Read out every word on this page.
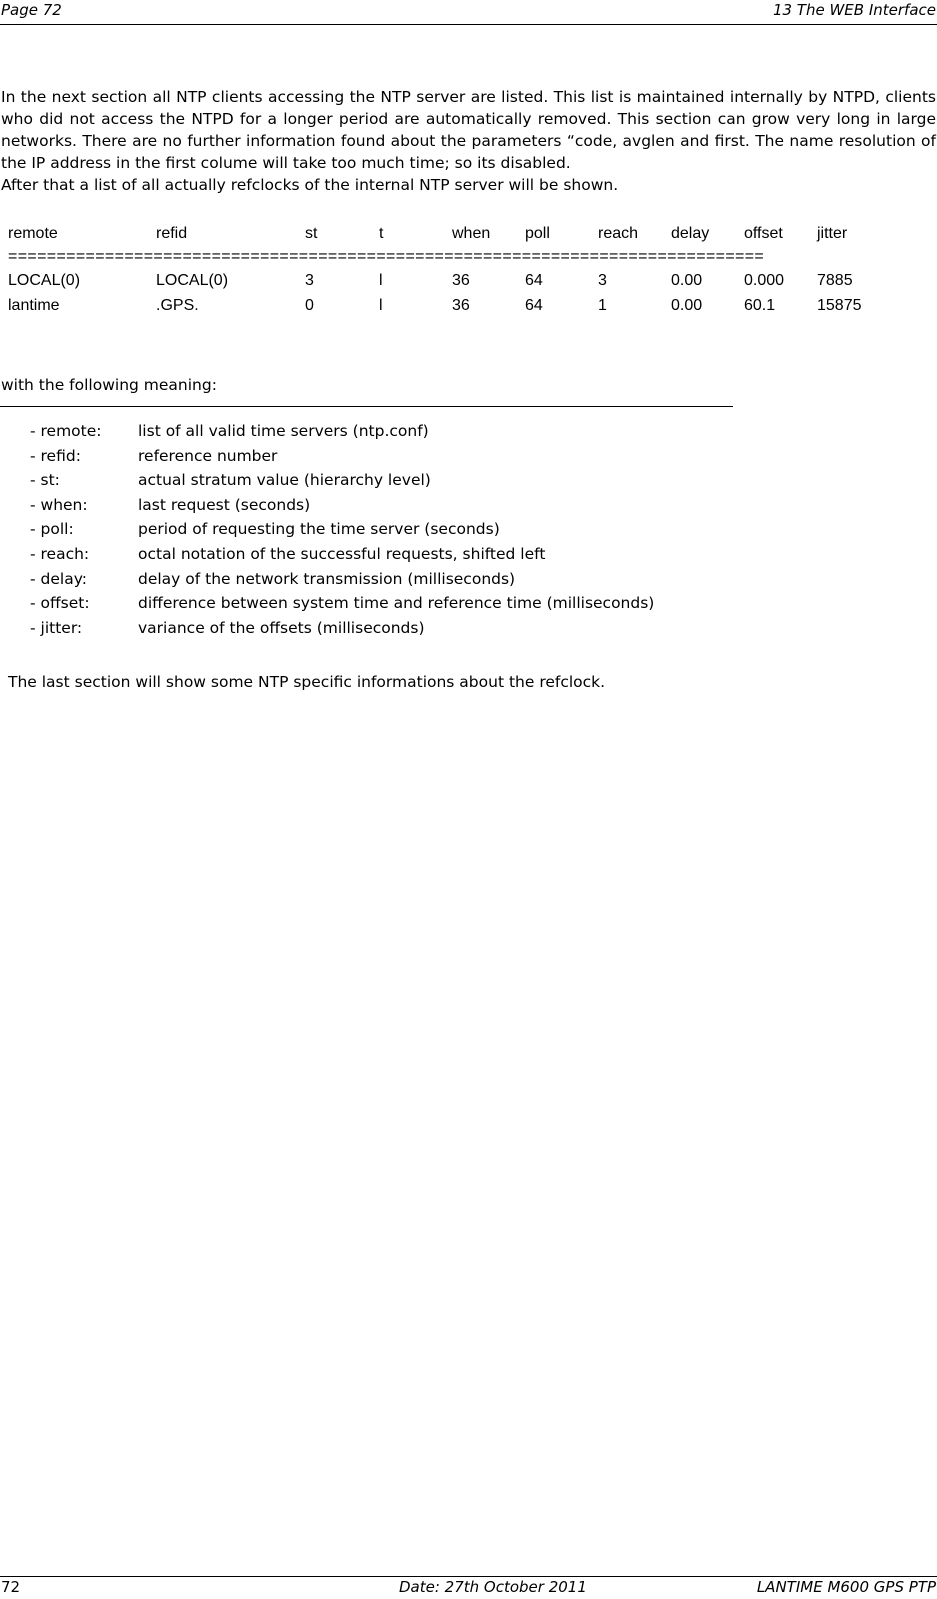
Page 72	13 The WEB Interface

In the next section all NTP clients accessing the NTP server are listed. This list is maintained internally by NTPD, clients who did not access the NTPD for a longer period are automatically removed. This section can grow very long in large networks. There are no further information found about the parameters “code, avglen and first. The name resolution of the IP address in the first colume will take too much time; so its disabled.

After that a list of all actually refclocks of the internal NTP server will be shown.

remote	refid	st	t	when poll	reach delay offset jitter
==============================================================================
LOCAL(0)	LOCAL(0)	3	l	36	64	3	0.00	0.000 7885
lantime	.GPS.	0	l	36	64	1	0.00	60.1	15875
with the following meaning:
- remote: list of all valid time servers (ntp.conf)
- refid:	reference number
- st:	actual stratum value (hierarchy level)
- when:	last request (seconds)
- poll:	period of requesting the time server (seconds)
- reach:	octal notation of the successful requests, shifted left
- delay:	delay of the network transmission (milliseconds)
- offset:	difference between system time and reference time (milliseconds)
- jitter:	variance of the offsets (milliseconds)
The last section will show some NTP specific informations about the refclock.
72	Date: 27th October 2011	LANTIME M600 GPS PTP
